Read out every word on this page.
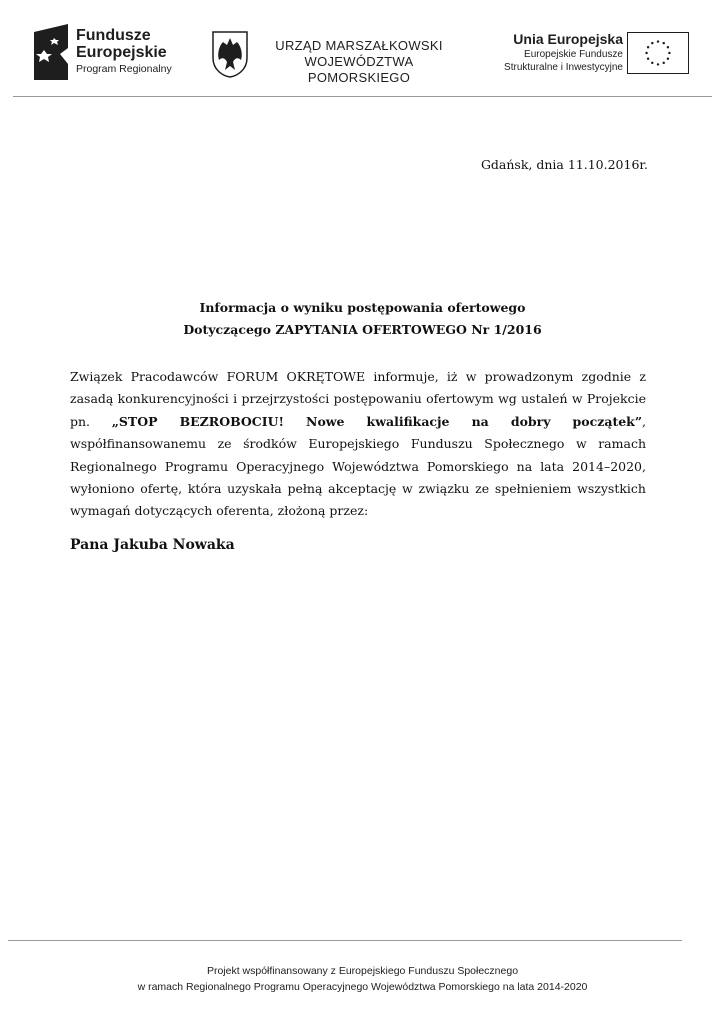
Fundusze
Europejskie
Program Regionalny
URZĄD MARSZAŁKOWSKI
WOJEWÓDZTWA POMORSKIEGO
Unia Europejska
Europejskie Fundusze
Strukturalne i Inwestycyjne
Gdańsk, dnia 11.10.2016r.
Informacja o wyniku postępowania ofertowego
Dotyczącego ZAPYTANIA OFERTOWEGO Nr 1/2016
Związek Pracodawców FORUM OKRĘTOWE informuje, iż w prowadzonym zgodnie z zasadą konkurencyjności i przejrzystości postępowaniu ofertowym wg ustaleń w Projekcie pn. „STOP BEZROBOCIU! Nowe kwalifikacje na dobry początek”, współfinansowanemu ze środków Europejskiego Funduszu Społecznego w ramach Regionalnego Programu Operacyjnego Województwa Pomorskiego na lata 2014–2020, wyłoniono ofertę, która uzyskała pełną akceptację w związku ze spełnieniem wszystkich wymagań dotyczących oferenta, złożoną przez:
Pana Jakuba Nowaka
Projekt współfinansowany z Europejskiego Funduszu Społecznego
w ramach Regionalnego Programu Operacyjnego Województwa Pomorskiego na lata 2014-2020
